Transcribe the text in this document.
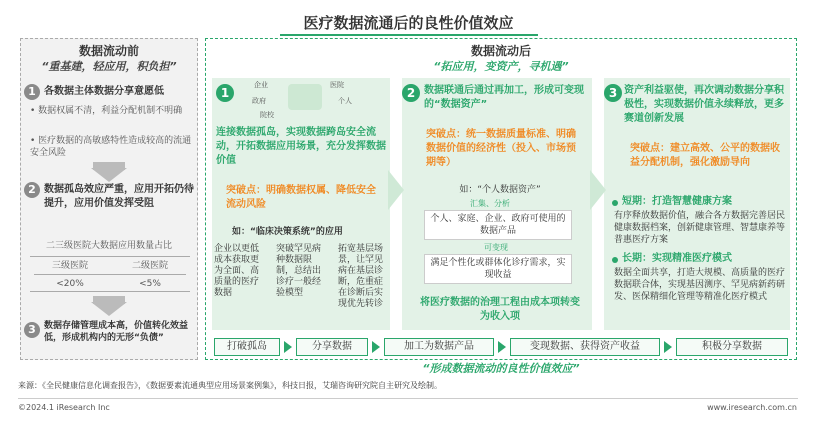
医疗数据流通后的良性价值效应
数据流动前
“重基建，轻应用，积负担”
1 各数据主体数据分享意愿低
• 数据权属不清，利益分配机制不明确
• 医疗数据的高敏感特性造成较高的流通安全风险
2 数据孤岛效应严重，应用开拓仍待提升，应用价值发挥受阻
二三级医院大数据应用数量占比
三级医院	二级医院
<20%	<5%
3 数据存储管理成本高，价值转化效益低，形成机构内的无形“负债”
数据流动后
“拓应用，变资产，寻机遇”
1
企业	医院
政府	个人
院校
连接数据孤岛，实现数据跨岛安全流动，开拓数据应用场景，充分发挥数据价值
突破点：明确数据权属、降低安全流动风险
如：“临床决策系统”的应用
企业以更低成本获取更为全面、高质量的医疗数据
突破罕见病种数据限制，总结出诊疗一般经验模型
拓宽基层场景，让罕见病在基层诊断，危重症在诊断后实现优先转诊
2 数据联通后通过再加工，形成可变现的“数据资产”
突破点：统一数据质量标准、明确数据价值的经济性（投入、市场预期等）
如：“个人数据资产”
汇集、分析
个人、家庭、企业、政府可使用的数据产品
可变现
满足个性化或群体化诊疗需求，实现收益
将医疗数据的治理工程由成本项转变为收入项
3 资产利益驱使，再次调动数据分享积极性，实现数据价值永续释放，更多赛道创新发展
突破点：建立高效、公平的数据收益分配机制，强化激励导向
短期：打造智慧健康方案
有序释放数据价值，融合各方数据完善居民健康数据档案，创新健康管理、智慧康养等普惠医疗方案
长期：实现精准医疗模式
数据全面共享，打造大规模、高质量的医疗数据联合体，实现基因测序、罕见病新药研发、医保精细化管理等精准化医疗模式
打破孤岛	分享数据	加工为数据产品	变现数据、获得资产收益	积极分享数据
“形成数据流动的良性价值效应”
来源：《全民健康信息化调查报告》，《数据要素流通典型应用场景案例集》，科技日报，艾瑞咨询研究院自主研究及绘制。
©2024.1 iResearch Inc	www.iresearch.com.cn
